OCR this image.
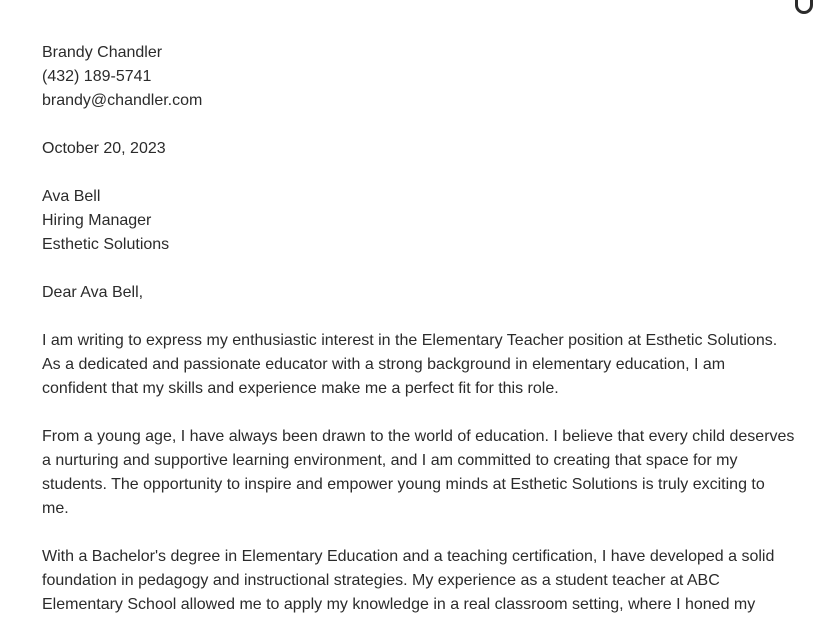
Brandy Chandler
(432) 189-5741
brandy@chandler.com
October 20, 2023
Ava Bell
Hiring Manager
Esthetic Solutions
Dear Ava Bell,
I am writing to express my enthusiastic interest in the Elementary Teacher position at Esthetic Solutions.
As a dedicated and passionate educator with a strong background in elementary education, I am
confident that my skills and experience make me a perfect fit for this role.
From a young age, I have always been drawn to the world of education. I believe that every child deserves
a nurturing and supportive learning environment, and I am committed to creating that space for my
students. The opportunity to inspire and empower young minds at Esthetic Solutions is truly exciting to
me.
With a Bachelor's degree in Elementary Education and a teaching certification, I have developed a solid
foundation in pedagogy and instructional strategies. My experience as a student teacher at ABC
Elementary School allowed me to apply my knowledge in a real classroom setting, where I honed my
